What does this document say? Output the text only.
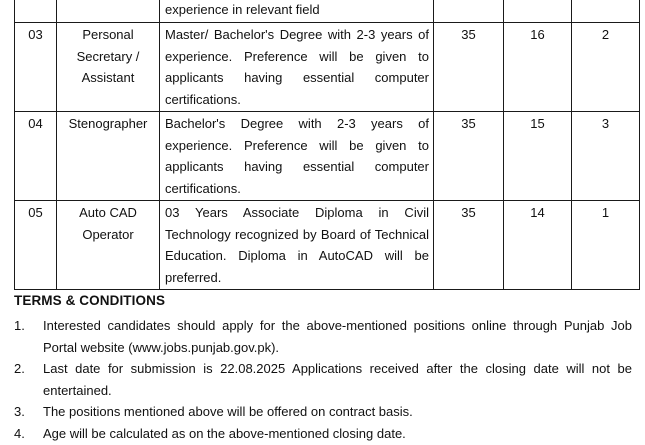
		experience in relevant field			
03	Personal Secretary / Assistant	Master/ Bachelor's Degree with 2-3 years of experience. Preference will be given to applicants having essential computer certifications.	35	16	2
04	Stenographer	Bachelor's Degree with 2-3 years of experience. Preference will be given to applicants having essential computer certifications.	35	15	3
05	Auto CAD Operator	03 Years Associate Diploma in Civil Technology recognized by Board of Technical Education. Diploma in AutoCAD will be preferred.	35	14	1
TERMS & CONDITIONS
1. Interested candidates should apply for the above-mentioned positions online through Punjab Job Portal website (www.jobs.punjab.gov.pk).
2. Last date for submission is 22.08.2025 Applications received after the closing date will not be entertained.
3. The positions mentioned above will be offered on contract basis.
4. Age will be calculated as on the above-mentioned closing date.
